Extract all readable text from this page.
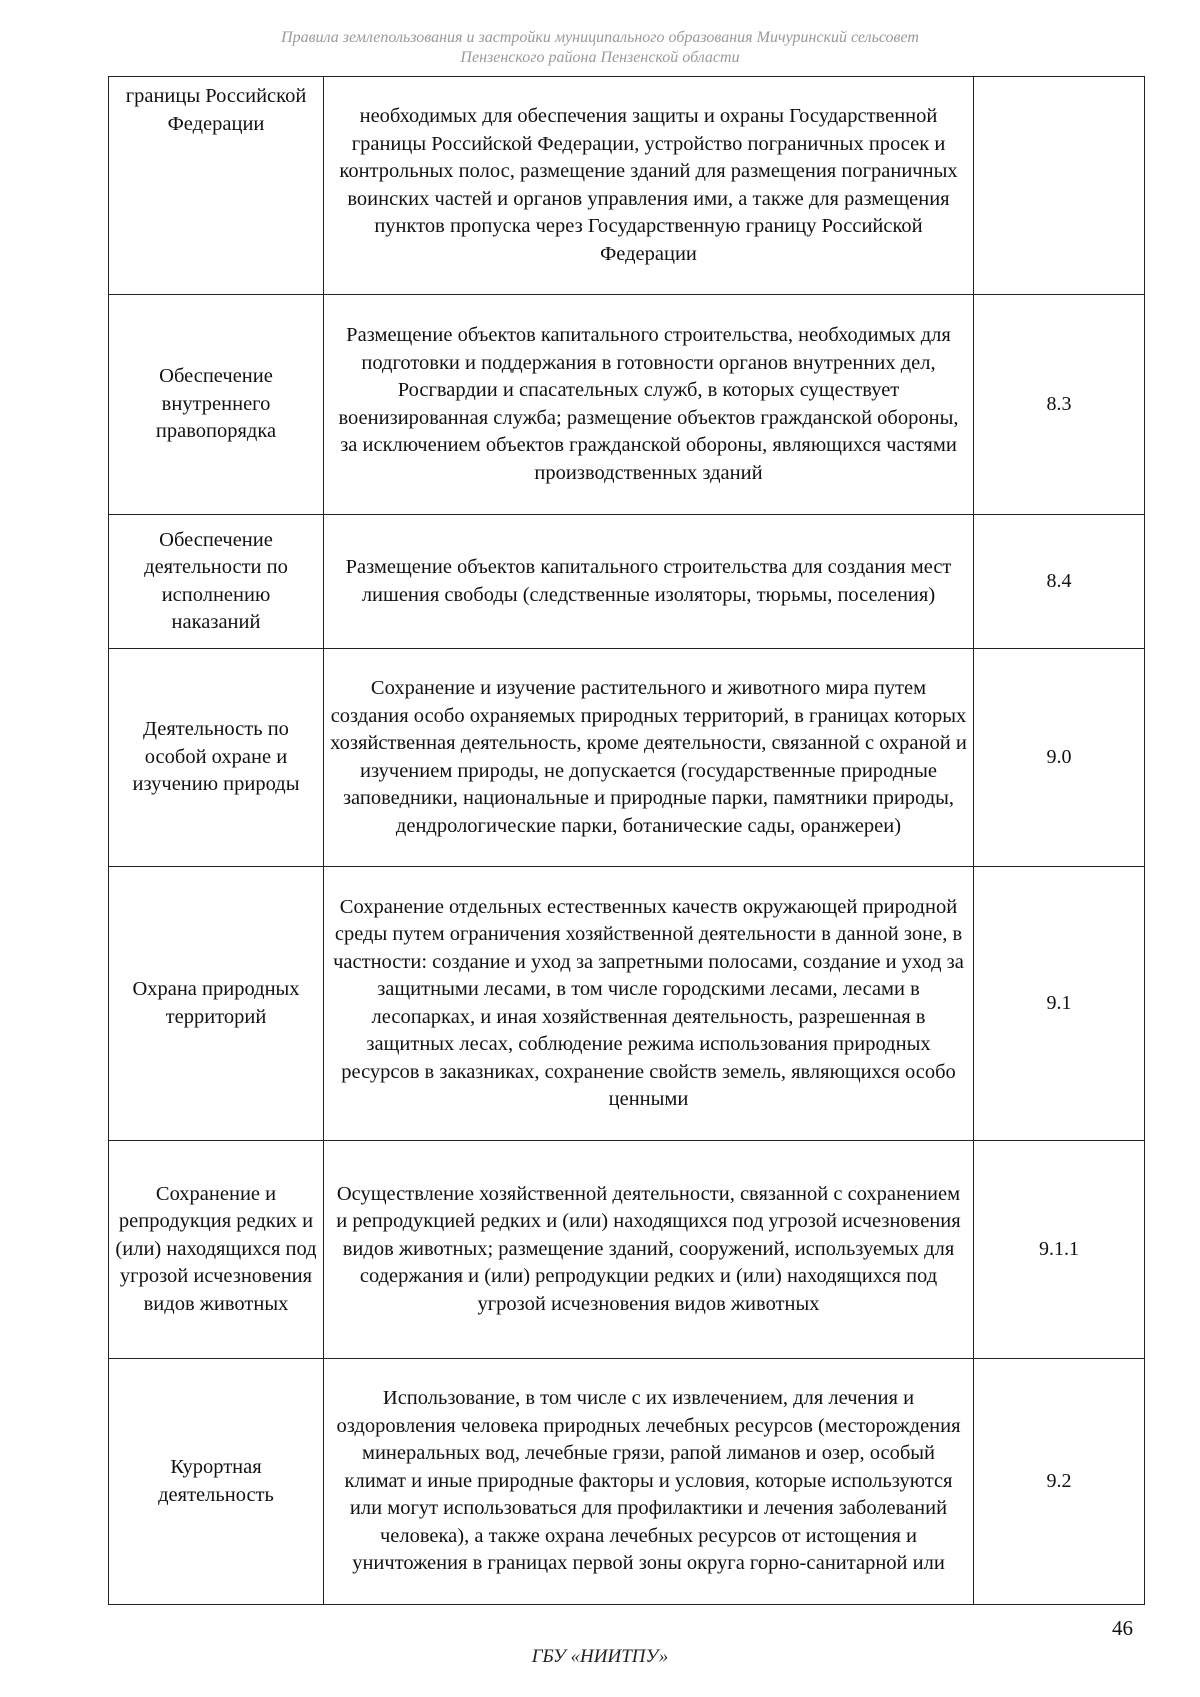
Правила землепользования и застройки муниципального образования Мичуринский сельсовет
Пензенского района Пензенской области
границы Российской Федерации	необходимых для обеспечения защиты и охраны Государственной границы Российской Федерации, устройство пограничных просек и контрольных полос, размещение зданий для размещения пограничных воинских частей и органов управления ими, а также для размещения пунктов пропуска через Государственную границу Российской Федерации	
Обеспечение внутреннего правопорядка	Размещение объектов капитального строительства, необходимых для подготовки и поддержания в готовности органов внутренних дел, Росгвардии и спасательных служб, в которых существует военизированная служба; размещение объектов гражданской обороны, за исключением объектов гражданской обороны, являющихся частями производственных зданий	8.3
Обеспечение деятельности по исполнению наказаний	Размещение объектов капитального строительства для создания мест лишения свободы (следственные изоляторы, тюрьмы, поселения)	8.4
Деятельность по особой охране и изучению природы	Сохранение и изучение растительного и животного мира путем создания особо охраняемых природных территорий, в границах которых хозяйственная деятельность, кроме деятельности, связанной с охраной и изучением природы, не допускается (государственные природные заповедники, национальные и природные парки, памятники природы, дендрологические парки, ботанические сады, оранжереи)	9.0
Охрана природных территорий	Сохранение отдельных естественных качеств окружающей природной среды путем ограничения хозяйственной деятельности в данной зоне, в частности: создание и уход за запретными полосами, создание и уход за защитными лесами, в том числе городскими лесами, лесами в лесопарках, и иная хозяйственная деятельность, разрешенная в защитных лесах, соблюдение режима использования природных ресурсов в заказниках, сохранение свойств земель, являющихся особо ценными	9.1
Сохранение и репродукция редких и (или) находящихся под угрозой исчезновения видов животных	Осуществление хозяйственной деятельности, связанной с сохранением и репродукцией редких и (или) находящихся под угрозой исчезновения видов животных; размещение зданий, сооружений, используемых для содержания и (или) репродукции редких и (или) находящихся под угрозой исчезновения видов животных	9.1.1
Курортная деятельность	Использование, в том числе с их извлечением, для лечения и оздоровления человека природных лечебных ресурсов (месторождения минеральных вод, лечебные грязи, рапой лиманов и озер, особый климат и иные природные факторы и условия, которые используются или могут использоваться для профилактики и лечения заболеваний человека), а также охрана лечебных ресурсов от истощения и уничтожения в границах первой зоны округа горно-санитарной или	9.2
46
ГБУ «НИИТПУ»
